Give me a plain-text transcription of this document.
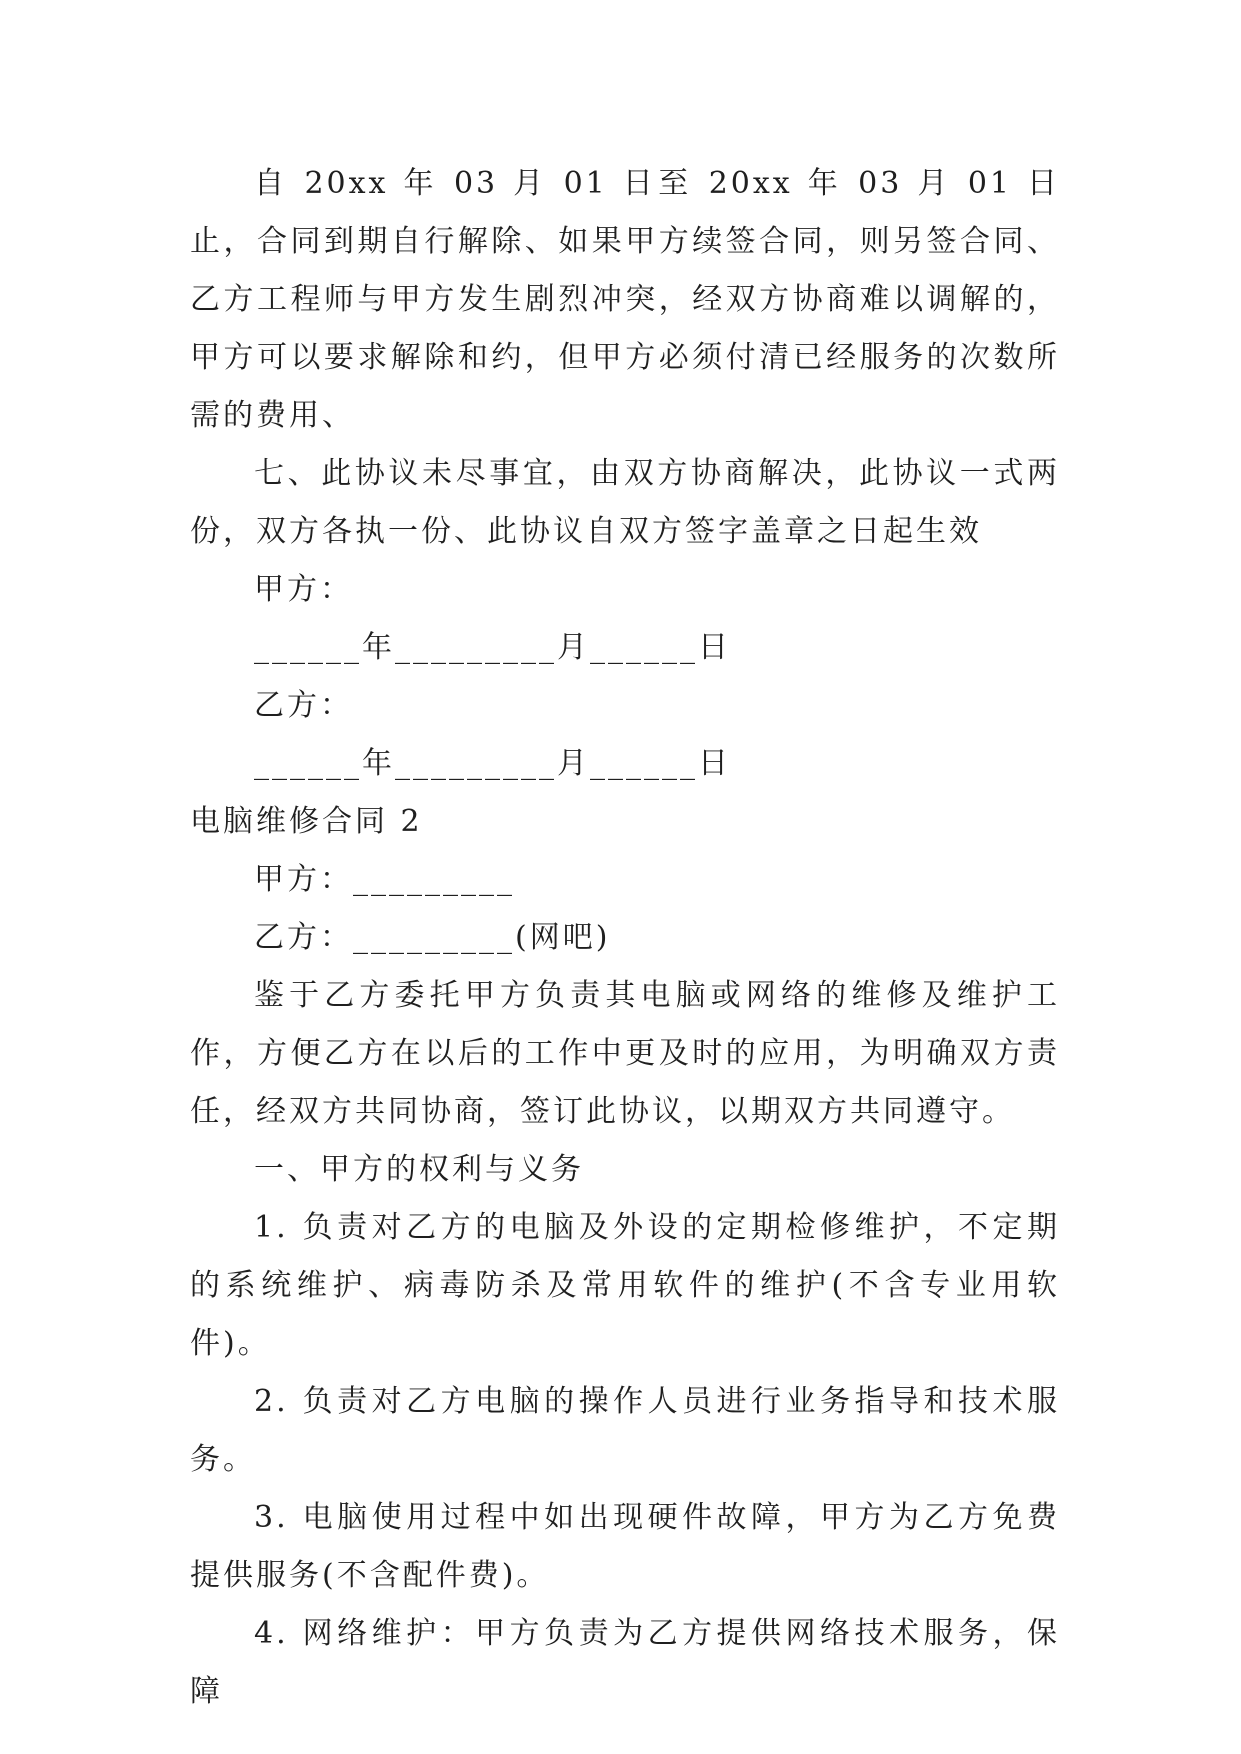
自 20xx 年 03 月 01 日至 20xx 年 03 月 01 日止，合同到期自行解除、如果甲方续签合同，则另签合同、乙方工程师与甲方发生剧烈冲突，经双方协商难以调解的，甲方可以要求解除和约，但甲方必须付清已经服务的次数所需的费用、

七、此协议未尽事宜，由双方协商解决，此协议一式两份，双方各执一份、此协议自双方签字盖章之日起生效

甲方：

______年_________月______日

乙方：

______年_________月______日

电脑维修合同 2

甲方：_________

乙方：_________(网吧)

鉴于乙方委托甲方负责其电脑或网络的维修及维护工作，方便乙方在以后的工作中更及时的应用，为明确双方责任，经双方共同协商，签订此协议，以期双方共同遵守。

一、甲方的权利与义务

1. 负责对乙方的电脑及外设的定期检修维护，不定期的系统维护、病毒防杀及常用软件的维护(不含专业用软件)。

2. 负责对乙方电脑的操作人员进行业务指导和技术服务。

3. 电脑使用过程中如出现硬件故障，甲方为乙方免费提供服务(不含配件费)。

4. 网络维护：甲方负责为乙方提供网络技术服务，保障
